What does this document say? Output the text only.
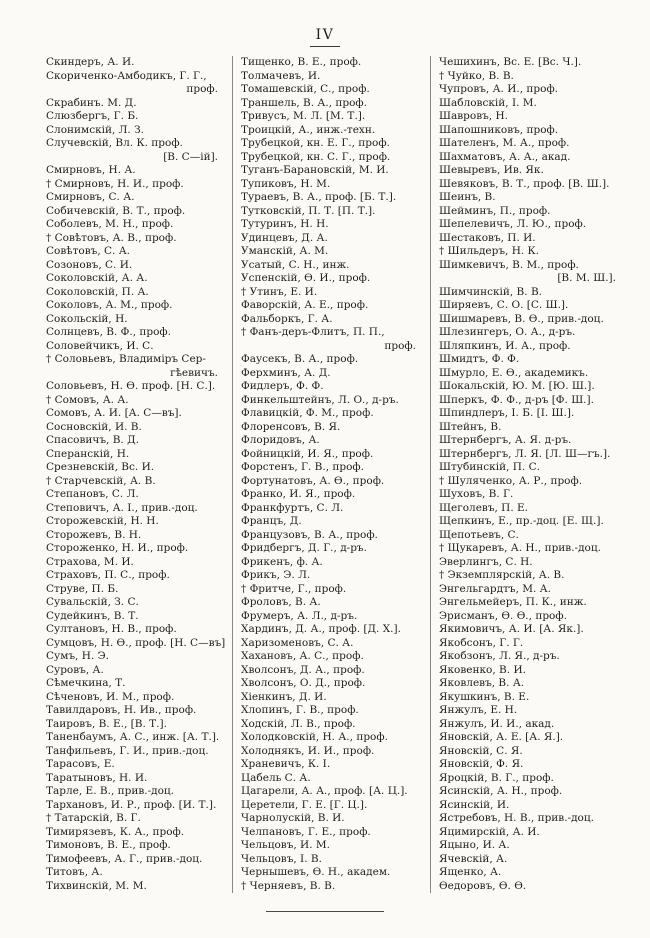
IV
Скиндеръ, А. И.
Скориченко-Амбодикъ, Г. Г.,
проф.
Скрабинъ. М. Д.
Слюзбергъ, Г. Б.
Слонимскій, Л. З.
Случевскій, Вл. К. проф.
[В. С—ій].
Смирновъ, Н. А.
† Смирновъ, Н. И., проф.
Смирновъ, С. А.
Собичевскій, В. Т., проф.
Соболевъ, М. Н., проф.
† Совѣтовъ, А. В., проф.
Совѣтовъ, С. А.
Созоновъ, С. И.
Соколовскій, А. А.
Соколовскій, П. А.
Соколовъ, А. М., проф.
Сокольскій, Н.
Солнцевъ, В. Ф., проф.
Соловейчикъ, И. С.
† Соловьевъ, Владиміръ Сер-
гѣевичъ.
Соловьевъ, Н. Ѳ. проф. [Н. С.].
† Сомовъ, А. А.
Сомовъ, А. И. [А. С—въ].
Сосновскій, И. В.
Спасовичъ, В. Д.
Сперанскій, Н.
Срезневскій, Вс. И.
† Старчевскій, А. В.
Степановъ, С. Л.
Степовичъ, А. І., прив.-доц.
Сторожевскій, Н. Н.
Сторожевъ, В. Н.
Стороженко, Н. И., проф.
Страхова, М. И.
Страховъ, П. С., проф.
Струве, П. Б.
Сувальскій, З. С.
Судейкинъ, В. Т.
Султановъ, Н. В., проф.
Сумцовъ, Н. Ѳ., проф. [Н. С—въ]
Сумъ, Н. Э.
Суровъ, А.
Сѣмечкина, Т.
Сѣченовъ, И. М., проф.
Тавилдаровъ, Н. Ив., проф.
Таировъ, В. Е., [В. Т.].
Таненбаумъ, А. С., инж. [А. Т.].
Танфильевъ, Г. И., прив.-доц.
Тарасовъ, Е.
Таратыновъ, Н. И.
Тарле, Е. В., прив.-доц.
Тархановъ, И. Р., проф. [И. Т.].
† Татарскій, В. Г.
Тимирязевъ, К. А., проф.
Тимоновъ, В. Е., проф.
Тимофеевъ, А. Г., прив.-доц.
Титовъ, А.
Тихвинскій, М. М.
Тищенко, В. Е., проф.
Толмачевъ, И.
Томашевскій, С., проф.
Траншель, В. А., проф.
Тривусъ, М. Л. [М. Т.].
Троицкій, А., инж.-техн.
Трубецкой, кн. Е. Г., проф.
Трубецкой, кн. С. Г., проф.
Туганъ-Барановскій, М. И.
Тупиковъ, Н. М.
Тураевъ, В. А., проф. [Б. Т.].
Тутковскій, П. Т. [П. Т.].
Тутуринъ, Н. Н.
Удинцевъ, Д. А.
Уманскій, А. М.
Усатый, С. Н., инж.
Успенскій, Ѳ. И., проф.
† Утинъ, Е. И.
Фаворскій, А. Е., проф.
Фальборкъ, Г. А.
† Фанъ-деръ-Флитъ, П. П.,
проф.
Фаусекъ, В. А., проф.
Ферхминъ, А. Д.
Фидлеръ, Ф. Ф.
Финкельштейнъ, Л. О., д-ръ.
Флавицкій, Ф. М., проф.
Флоренсовъ, В. Я.
Флоридовъ, А.
Фойницкій, И. Я., проф.
Форстенъ, Г. В., проф.
Фортунатовъ, А. Ѳ., проф.
Франко, И. Я., проф.
Франкфуртъ, С. Л.
Францъ, Д.
Французовъ, В. А., проф.
Фридбергъ, Д. Г., д-ръ.
Фрикенъ, ф. А.
Фрикъ, Э. Л.
† Фритче, Г., проф.
Фроловъ, В. А.
Фрумеръ, А. Л., д-ръ.
Хардинъ, Д. А., проф. [Д. Х.].
Харизоменовъ, С. А.
Хахановъ, А. С., проф.
Хволсонъ, Д. А., проф.
Хволсонъ, О. Д., проф.
Хіенкинъ, Д. И.
Хлопинъ, Г. В., проф.
Ходскій, Л. В., проф.
Холодковскій, Н. А., проф.
Холоднякъ, И. И., проф.
Храневичъ, К. І.
Цабель С. А.
Цагарели, А. А., проф. [А. Ц.].
Церетели, Г. Е. [Г. Ц.].
Чарнолускій, В. И.
Челпановъ, Г. Е., проф.
Чельцовъ, И. М.
Чельцовъ, І. В.
Чернышевъ, Ѳ. Н., академ.
† Черняевъ, В. В.
Чешихинъ, Вс. Е. [Вс. Ч.].
† Чуйко, В. В.
Чупровъ, А. И., проф.
Шабловскій, І. М.
Шавровъ, Н.
Шапошниковъ, проф.
Шателенъ, М. А., проф.
Шахматовъ, А. А., акад.
Шевыревъ, Ив. Як.
Шевяковъ, В. Т., проф. [В. Ш.].
Шеинъ, В.
Шейминъ, П., проф.
Шепелевичъ, Л. Ю., проф.
Шестаковъ, П. И.
† Шильдеръ, Н. К.
Шимкевичъ, В. М., проф.
[В. М. Ш.].
Шимчинскій, В. В.
Ширяевъ, С. О. [С. Ш.].
Шишмаревъ, В. Ѳ., прив.-доц.
Шлезингеръ, О. А., д-ръ.
Шляпкинъ, И. А., проф.
Шмидтъ, Ф. Ф.
Шмурло, Е. Ѳ., академикъ.
Шокальскій, Ю. М. [Ю. Ш.].
Шперкъ, Ф. Ф., д-ръ [Ф. Ш.].
Шпиндлеръ, І. Б. [І. Ш.].
Штейнъ, В.
Штернбергъ, А. Я. д-ръ.
Штернбергъ, Л. Я. [Л. Ш—гъ.].
Штубинскій, П. С.
† Шуляченко, А. Р., проф.
Шуховъ, В. Г.
Щеголевъ, П. Е.
Щепкинъ, Е., пр.-доц. [Е. Щ.].
Щепотьевъ, С.
† Щукаревъ, А. Н., прив.-доц.
Эверлингъ, С. Н.
† Экземплярскій, А. В.
Энгельгардтъ, М. А.
Энгельмейеръ, П. К., инж.
Эрисманъ, Ѳ. Ѳ., проф.
Якимовичъ, А. И. [А. Як.].
Якобсонъ, Г. Г.
Якобзонъ, Л. Я., д-ръ.
Яковенко, В. И.
Яковлевъ, В. А.
Якушкинъ, В. Е.
Янжулъ, Е. Н.
Янжулъ, И. И., акад.
Яновскій, А. Е. [А. Я.].
Яновскій, С. Я.
Яновскій, Ф. Я.
Яроцкій, В. Г., проф.
Ясинскій, А. Н., проф.
Ясинскій, И.
Ястребовъ, Н. В., прив.-доц.
Яцимирскій, А. И.
Яцыно, И. А.
Ячевскій, А.
Ященко, А.
Ѳедоровъ, Ѳ. Ѳ.
